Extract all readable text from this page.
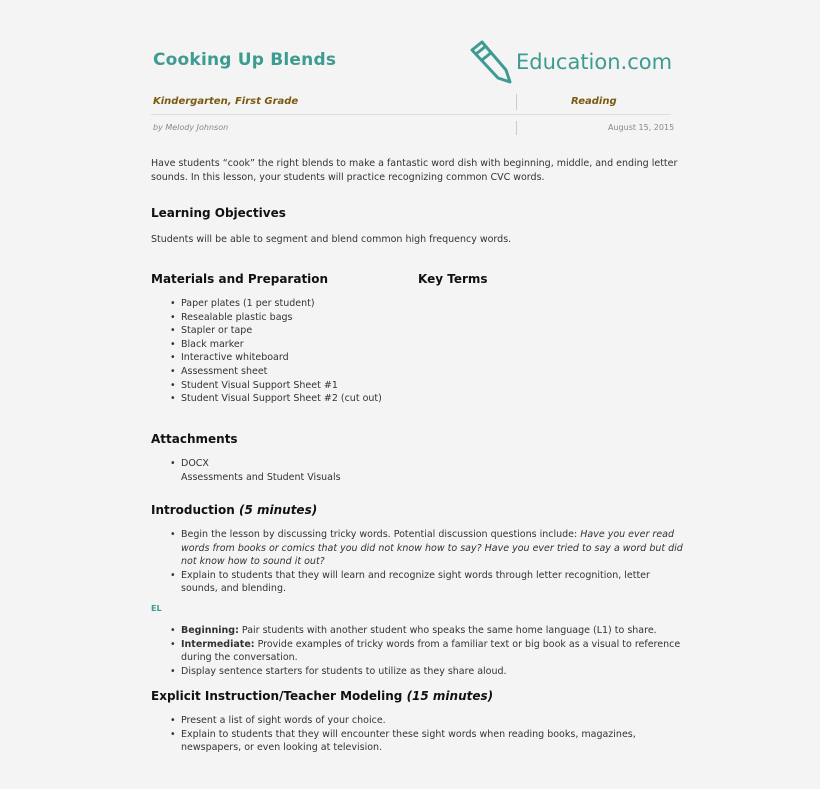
Cooking Up Blends	Education.com
Kindergarten, First Grade	Reading
by Melody Johnson	August 15, 2015
Have students “cook” the right blends to make a fantastic word dish with beginning, middle, and ending letter
sounds. In this lesson, your students will practice recognizing common CVC words.
Learning Objectives
Students will be able to segment and blend common high frequency words.
Materials and Preparation	Key Terms
• Paper plates (1 per student)
• Resealable plastic bags
• Stapler or tape
• Black marker
• Interactive whiteboard
• Assessment sheet
• Student Visual Support Sheet #1
• Student Visual Support Sheet #2 (cut out)
Attachments
• DOCX
Assessments and Student Visuals
Introduction (5 minutes)
• Begin the lesson by discussing tricky words. Potential discussion questions include: Have you ever read
words from books or comics that you did not know how to say? Have you ever tried to say a word but did
not know how to sound it out?
• Explain to students that they will learn and recognize sight words through letter recognition, letter
sounds, and blending.
EL
• Beginning: Pair students with another student who speaks the same home language (L1) to share.
• Intermediate: Provide examples of tricky words from a familiar text or big book as a visual to reference
during the conversation.
• Display sentence starters for students to utilize as they share aloud.
Explicit Instruction/Teacher Modeling (15 minutes)
• Present a list of sight words of your choice.
• Explain to students that they will encounter these sight words when reading books, magazines,
newspapers, or even looking at television.
